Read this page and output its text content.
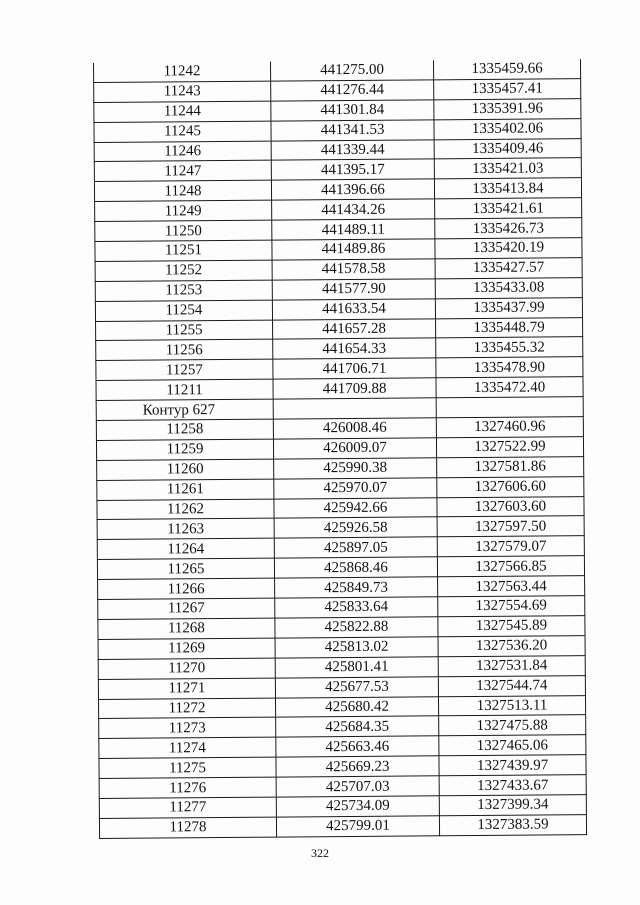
11242	441275.00	1335459.66
11243	441276.44	1335457.41
11244	441301.84	1335391.96
11245	441341.53	1335402.06
11246	441339.44	1335409.46
11247	441395.17	1335421.03
11248	441396.66	1335413.84
11249	441434.26	1335421.61
11250	441489.11	1335426.73
11251	441489.86	1335420.19
11252	441578.58	1335427.57
11253	441577.90	1335433.08
11254	441633.54	1335437.99
11255	441657.28	1335448.79
11256	441654.33	1335455.32
11257	441706.71	1335478.90
11211	441709.88	1335472.40
Контур 627		
11258	426008.46	1327460.96
11259	426009.07	1327522.99
11260	425990.38	1327581.86
11261	425970.07	1327606.60
11262	425942.66	1327603.60
11263	425926.58	1327597.50
11264	425897.05	1327579.07
11265	425868.46	1327566.85
11266	425849.73	1327563.44
11267	425833.64	1327554.69
11268	425822.88	1327545.89
11269	425813.02	1327536.20
11270	425801.41	1327531.84
11271	425677.53	1327544.74
11272	425680.42	1327513.11
11273	425684.35	1327475.88
11274	425663.46	1327465.06
11275	425669.23	1327439.97
11276	425707.03	1327433.67
11277	425734.09	1327399.34
11278	425799.01	1327383.59
322
